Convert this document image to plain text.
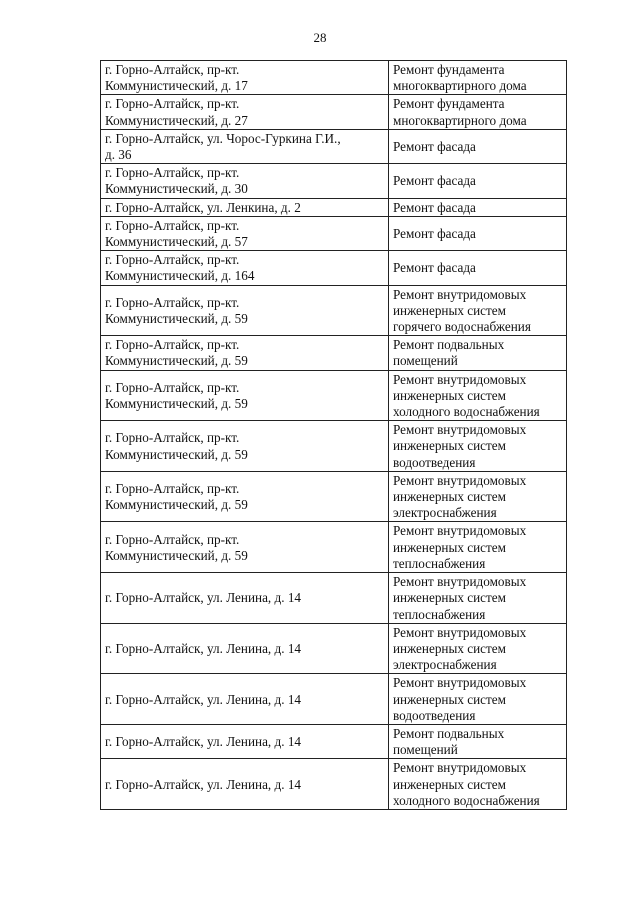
28
г. Горно-Алтайск, пр-кт.
Коммунистический, д. 17	Ремонт фундамента
многоквартирного дома
г. Горно-Алтайск, пр-кт.
Коммунистический, д. 27	Ремонт фундамента
многоквартирного дома
г. Горно-Алтайск, ул. Чорос-Гуркина Г.И.,
д. 36	Ремонт фасада
г. Горно-Алтайск, пр-кт.
Коммунистический, д. 30	Ремонт фасада
г. Горно-Алтайск, ул. Ленкина, д. 2	Ремонт фасада
г. Горно-Алтайск, пр-кт.
Коммунистический, д. 57	Ремонт фасада
г. Горно-Алтайск, пр-кт.
Коммунистический, д. 164	Ремонт фасада
г. Горно-Алтайск, пр-кт.
Коммунистический, д. 59	Ремонт внутридомовых
инженерных систем
горячего водоснабжения
г. Горно-Алтайск, пр-кт.
Коммунистический, д. 59	Ремонт подвальных
помещений
г. Горно-Алтайск, пр-кт.
Коммунистический, д. 59	Ремонт внутридомовых
инженерных систем
холодного водоснабжения
г. Горно-Алтайск, пр-кт.
Коммунистический, д. 59	Ремонт внутридомовых
инженерных систем
водоотведения
г. Горно-Алтайск, пр-кт.
Коммунистический, д. 59	Ремонт внутридомовых
инженерных систем
электроснабжения
г. Горно-Алтайск, пр-кт.
Коммунистический, д. 59	Ремонт внутридомовых
инженерных систем
теплоснабжения
г. Горно-Алтайск, ул. Ленина, д. 14	Ремонт внутридомовых
инженерных систем
теплоснабжения
г. Горно-Алтайск, ул. Ленина, д. 14	Ремонт внутридомовых
инженерных систем
электроснабжения
г. Горно-Алтайск, ул. Ленина, д. 14	Ремонт внутридомовых
инженерных систем
водоотведения
г. Горно-Алтайск, ул. Ленина, д. 14	Ремонт подвальных
помещений
г. Горно-Алтайск, ул. Ленина, д. 14	Ремонт внутридомовых
инженерных систем
холодного водоснабжения
